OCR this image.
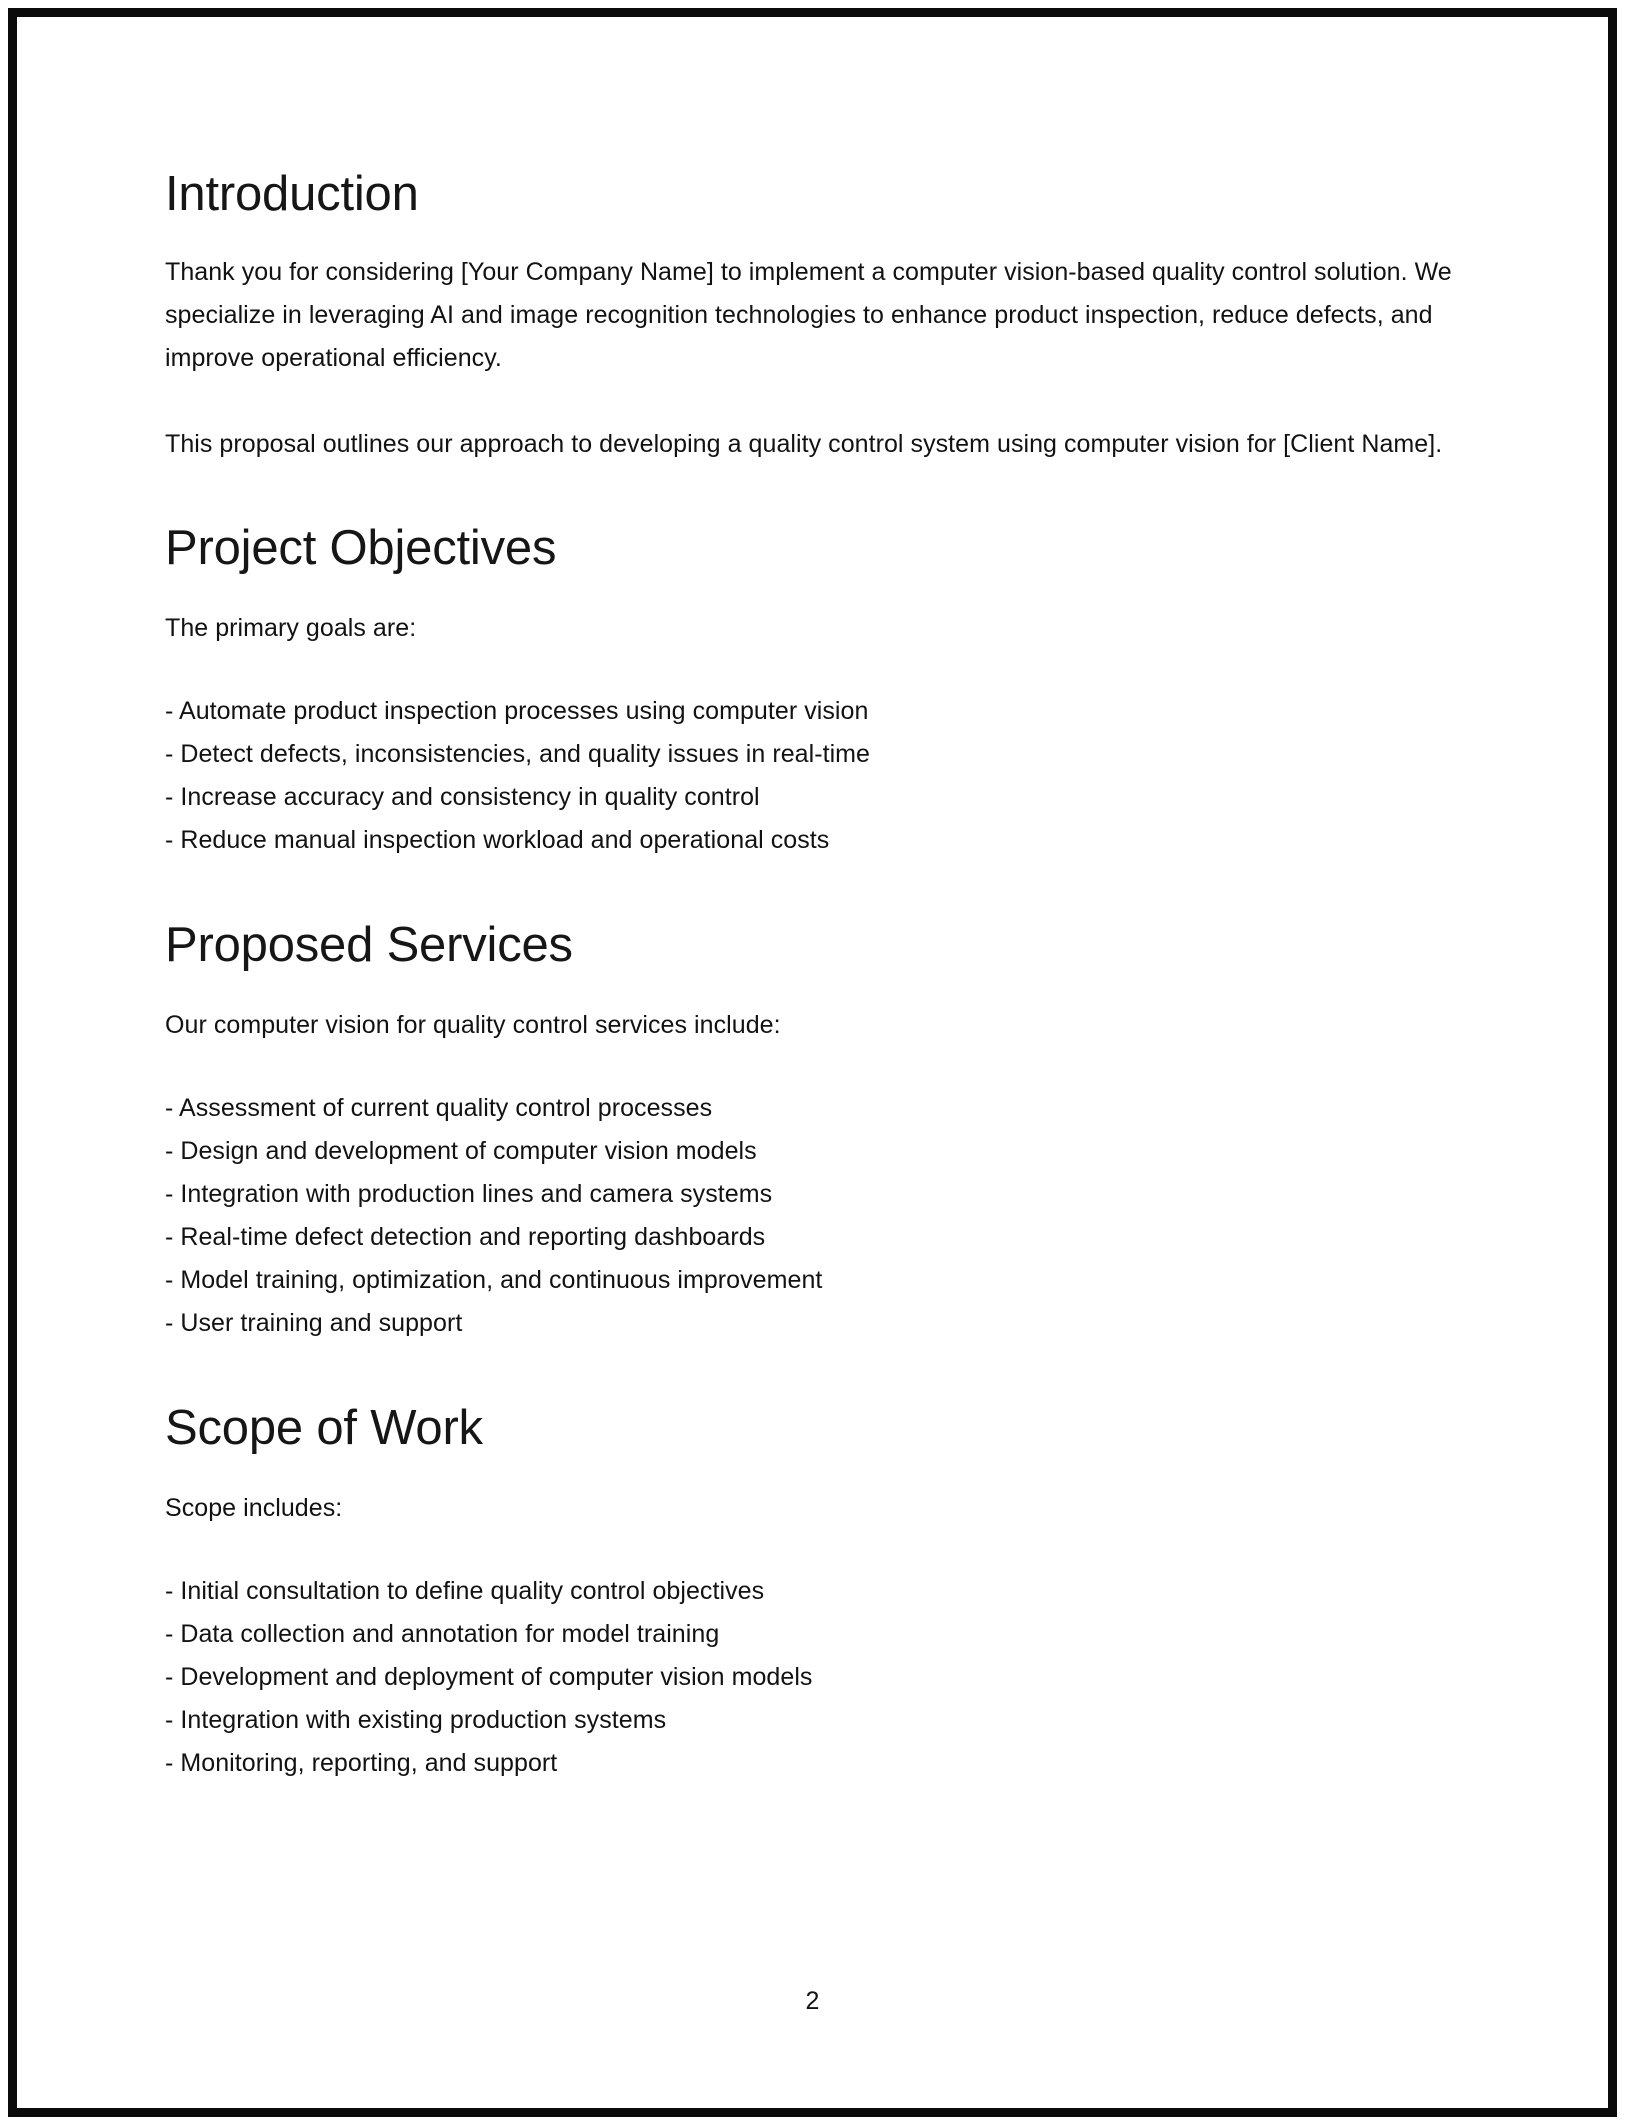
Introduction

Thank you for considering [Your Company Name] to implement a computer vision-based quality control solution. We specialize in leveraging AI and image recognition technologies to enhance product inspection, reduce defects, and improve operational efficiency.

This proposal outlines our approach to developing a quality control system using computer vision for [Client Name].

Project Objectives

The primary goals are:

- Automate product inspection processes using computer vision
- Detect defects, inconsistencies, and quality issues in real-time
- Increase accuracy and consistency in quality control
- Reduce manual inspection workload and operational costs
Proposed Services

Our computer vision for quality control services include:

- Assessment of current quality control processes
- Design and development of computer vision models
- Integration with production lines and camera systems
- Real-time defect detection and reporting dashboards
- Model training, optimization, and continuous improvement
- User training and support
Scope of Work

Scope includes:

- Initial consultation to define quality control objectives
- Data collection and annotation for model training
- Development and deployment of computer vision models
- Integration with existing production systems
- Monitoring, reporting, and support
2
